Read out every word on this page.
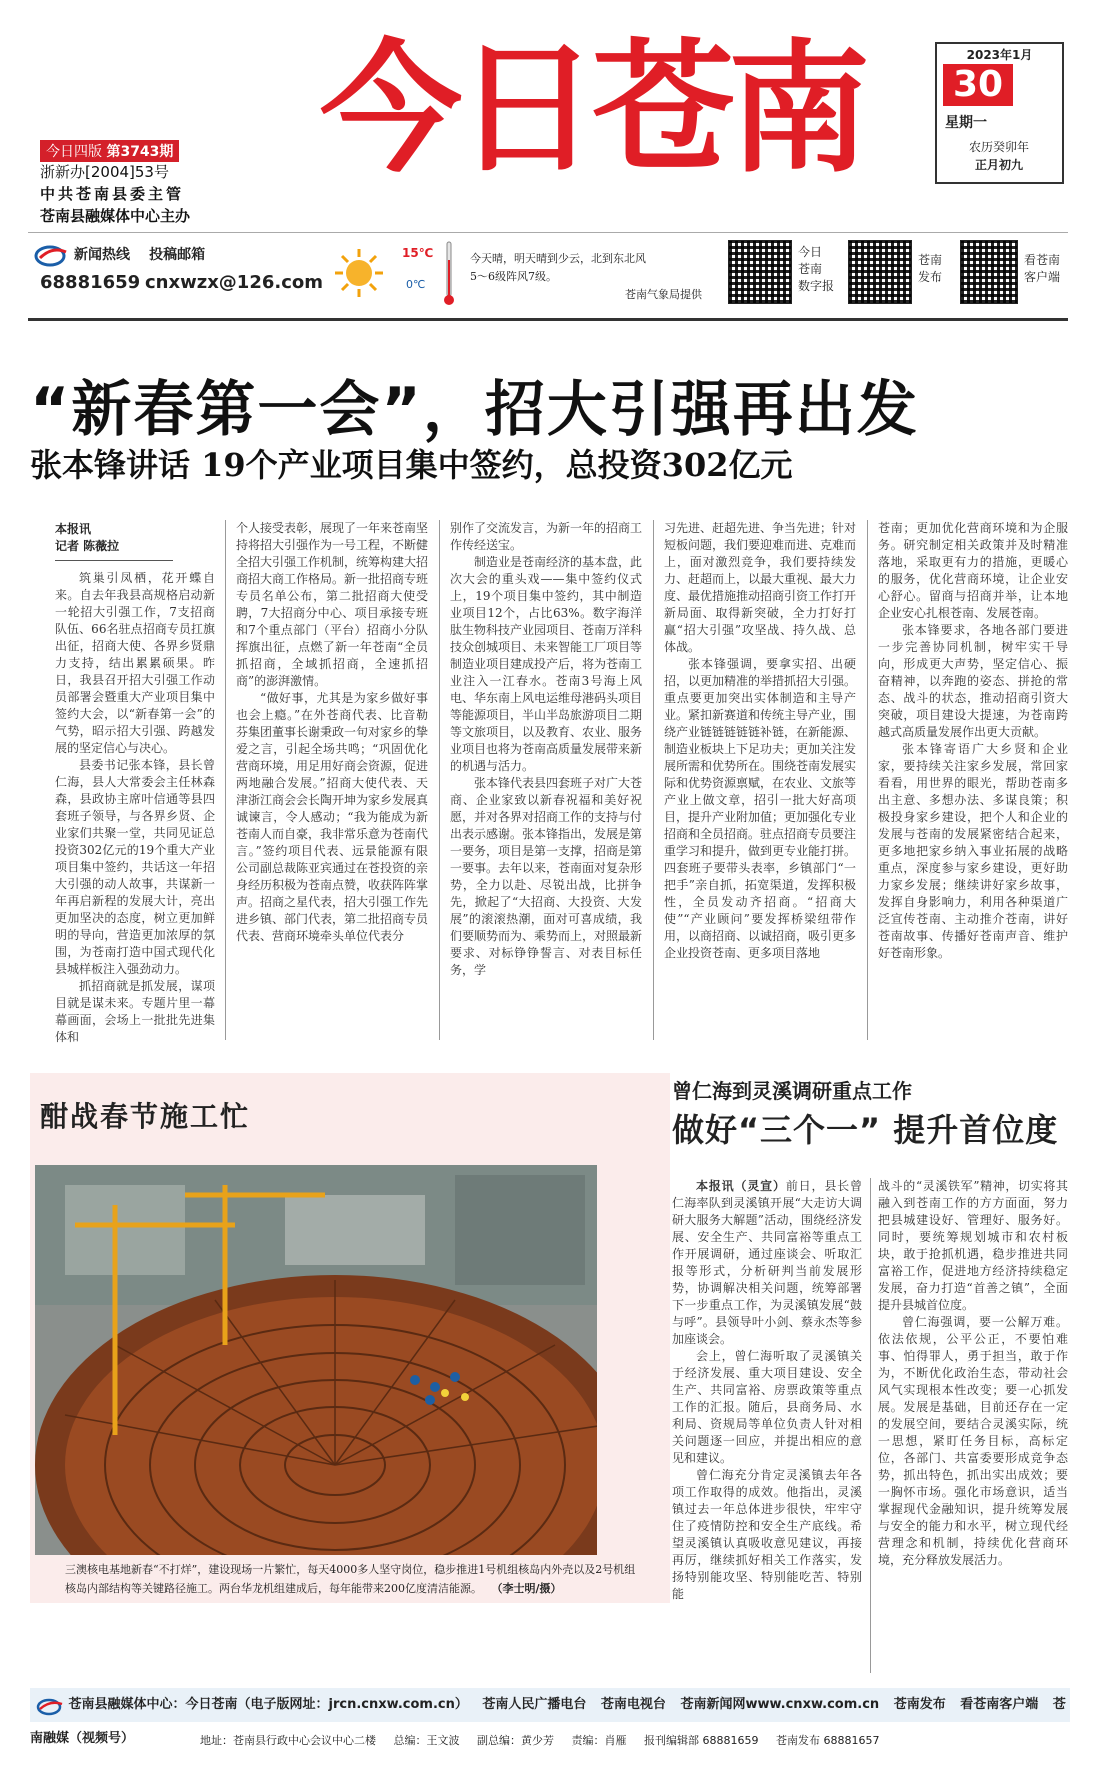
今日四版 第3743期
浙新办[2004]53号
中共苍南县委主管
苍南县融媒体中心主办
今日苍南	2023年1月
30
星期一
农历癸卯年
正月初九
新闻热线 投稿邮箱
68881659 cnxwzx@126.com
15℃
0℃
今天晴，明天晴到少云，北到东北风
5～6级阵风7级。
苍南气象局提供
今日
苍南
数字报
苍南
发布
看苍南
客户端
“新春第一会”，招大引强再出发
张本锋讲话 19个产业项目集中签约，总投资302亿元
本报讯
记者 陈薇拉

筑巢引凤栖，花开蝶自来。自去年我县高规格启动新一轮招大引强工作，7支招商队伍、66名驻点招商专员扛旗出征，招商大使、各界乡贤鼎力支持，结出累累硕果。昨日，我县召开招大引强工作动员部署会暨重大产业项目集中签约大会，以“新春第一会”的气势，昭示招大引强、跨越发展的坚定信心与决心。

县委书记张本锋，县长曾仁海，县人大常委会主任林森森，县政协主席叶信通等县四套班子领导，与各界乡贤、企业家们共聚一堂，共同见证总投资302亿元的19个重大产业项目集中签约，共话这一年招大引强的动人故事，共谋新一年再启新程的发展大计，亮出更加坚决的态度，树立更加鲜明的导向，营造更加浓厚的氛围，为苍南打造中国式现代化县城样板注入强劲动力。

抓招商就是抓发展，谋项目就是谋未来。专题片里一幕幕画面，会场上一批批先进集体和

个人接受表彰，展现了一年来苍南坚持将招大引强作为一号工程，不断健全招大引强工作机制，统筹构建大招商招大商工作格局。新一批招商专班专员名单公布，第二批招商大使受聘，7大招商分中心、项目承接专班和7个重点部门（平台）招商小分队挥旗出征，点燃了新一年苍南“全员抓招商，全域抓招商，全速抓招商”的澎湃激情。

“做好事，尤其是为家乡做好事也会上瘾。”在外苍商代表、比音勒芬集团董事长谢秉政一句对家乡的挚爱之言，引起全场共鸣；“巩固优化营商环境，用足用好商会资源，促进两地融合发展。”招商大使代表、天津浙江商会会长陶开坤为家乡发展真诚谏言，令人感动；“我为能成为新苍南人而自豪，我非常乐意为苍南代言。”签约项目代表、远景能源有限公司副总裁陈亚宾通过在苍投资的亲身经历积极为苍南点赞，收获阵阵掌声。招商之星代表，招大引强工作先进乡镇、部门代表，第二批招商专员代表、营商环境牵头单位代表分

别作了交流发言，为新一年的招商工作传经送宝。

制造业是苍南经济的基本盘，此次大会的重头戏——集中签约仪式上，19个项目集中签约，其中制造业项目12个，占比63%。数字海洋肽生物科技产业园项目、苍南万洋科技众创城项目、未来智能工厂项目等制造业项目建成投产后，将为苍南工业注入一江春水。苍南3号海上风电、华东南上风电运维母港码头项目等能源项目，半山半岛旅游项目二期等文旅项目，以及教育、农业、服务业项目也将为苍南高质量发展带来新的机遇与活力。

张本锋代表县四套班子对广大苍商、企业家致以新春祝福和美好祝愿，并对各界对招商工作的支持与付出表示感谢。张本锋指出，发展是第一要务，项目是第一支撑，招商是第一要事。去年以来，苍南面对复杂形势，全力以赴、尽锐出战，比拼争先，掀起了“大招商、大投资、大发展”的滚滚热潮，面对可喜成绩，我们要顺势而为、乘势而上，对照最新要求、对标铮铮誓言、对表目标任务，学

习先进、赶超先进、争当先进；针对短板问题，我们要迎难而进、克难而上，面对激烈竞争，我们要持续发力、赶超而上，以最大重视、最大力度、最优措施推动招商引资工作打开新局面、取得新突破，全力打好打赢“招大引强”攻坚战、持久战、总体战。

张本锋强调，要拿实招、出硬招，以更加精准的举措抓招大引强。重点要更加突出实体制造和主导产业。紧扣新赛道和传统主导产业，围绕产业链链链链链补链，在新能源、制造业板块上下足功夫；更加关注发展所需和优势所在。围绕苍南发展实际和优势资源禀赋，在农业、文旅等产业上做文章，招引一批大好高项目，提升产业附加值；更加强化专业招商和全员招商。驻点招商专员要注重学习和提升，做到更专业能打拼。四套班子要带头表率，乡镇部门“一把手”亲自抓，拓宽渠道，发挥积极性，全员发动齐招商。“招商大使”“产业顾问”要发挥桥梁纽带作用，以商招商、以诚招商，吸引更多企业投资苍南、更多项目落地

苍南；更加优化营商环境和为企服务。研究制定相关政策并及时精准落地，采取更有力的措施，更暖心的服务，优化营商环境，让企业安心舒心。留商与招商并举，让本地企业安心扎根苍南、发展苍南。

张本锋要求，各地各部门要进一步完善协同机制，树牢实干导向，形成更大声势，坚定信心、振奋精神，以奔跑的姿态、拼抢的常态、战斗的状态，推动招商引资大突破，项目建设大提速，为苍南跨越式高质量发展作出更大贡献。

张本锋寄语广大乡贤和企业家，要持续关注家乡发展，常回家看看，用世界的眼光，帮助苍南多出主意、多想办法、多谋良策；积极投身家乡建设，把个人和企业的发展与苍南的发展紧密结合起来，更多地把家乡纳入事业拓展的战略重点，深度参与家乡建设，更好助力家乡发展；继续讲好家乡故事，发挥自身影响力，利用各种渠道广泛宣传苍南、主动推介苍南，讲好苍南故事、传播好苍南声音、维护好苍南形象。

酣战春节施工忙
三澳核电基地新春“不打烊”，建设现场一片繁忙，每天4000多人坚守岗位，稳步推进1号机组核岛内外壳以及2号机组核岛内部结构等关键路径施工。两台华龙机组建成后，每年能带来200亿度清洁能源。 （李士明/摄）
曾仁海到灵溪调研重点工作
做好“三个一” 提升首位度

本报讯（灵宣）前日，县长曾仁海率队到灵溪镇开展“大走访大调研大服务大解题”活动，围绕经济发展、安全生产、共同富裕等重点工作开展调研，通过座谈会、听取汇报等形式，分析研判当前发展形势，协调解决相关问题，统筹部署下一步重点工作，为灵溪镇发展“鼓与呼”。县领导叶小剑、蔡永杰等参加座谈会。

会上，曾仁海听取了灵溪镇关于经济发展、重大项目建设、安全生产、共同富裕、房票政策等重点工作的汇报。随后，县商务局、水利局、资规局等单位负责人针对相关问题逐一回应，并提出相应的意见和建议。

曾仁海充分肯定灵溪镇去年各项工作取得的成效。他指出，灵溪镇过去一年总体进步很快，牢牢守住了疫情防控和安全生产底线。希望灵溪镇认真吸收意见建议，再接再厉，继续抓好相关工作落实，发扬特别能攻坚、特别能吃苦、特别能

战斗的“灵溪铁军”精神，切实将其融入到苍南工作的方方面面，努力把县城建设好、管理好、服务好。同时，要统筹规划城市和农村板块，敢于抢抓机遇，稳步推进共同富裕工作，促进地方经济持续稳定发展，奋力打造“首善之镇”，全面提升县城首位度。

曾仁海强调，要一公解万难。依法依规，公平公正，不要怕难事、怕得罪人，勇于担当，敢于作为，不断优化政治生态，带动社会风气实现根本性改变；要一心抓发展。发展是基础，目前还存在一定的发展空间，要结合灵溪实际，统一思想，紧盯任务目标，高标定位，各部门、共富委要形成竞争态势，抓出特色，抓出实出成效；要一胸怀市场。强化市场意识，适当掌握现代金融知识，提升统筹发展与安全的能力和水平，树立现代经营理念和机制，持续优化营商环境，充分释放发展活力。

苍南县融媒体中心：今日苍南（电子版网址：jrcn.cnxw.com.cn） 苍南人民广播电台 苍南电视台 苍南新闻网www.cnxw.com.cn 苍南发布 看苍南客户端 苍南融媒（视频号）	地址：苍南县行政中心会议中心二楼 总编：王文波 副总编：黄少芳 责编：肖雁 报刊编辑部 68881659 苍南发布 68881657
